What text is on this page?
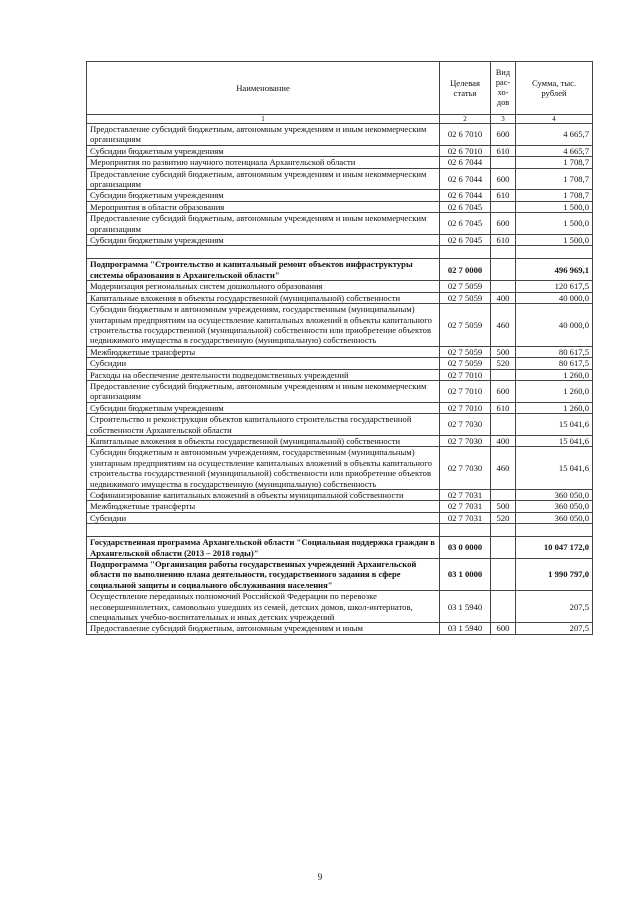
Наименование	Целевая статья	Вид рас-хо-дов	Сумма, тыс. рублей
1	2	3	4
Предоставление субсидий бюджетным, автономным учреждениям и иным некоммерческим организациям	02 6 7010	600	4 665,7
Субсидии бюджетным учреждениям	02 6 7010	610	4 665,7
Мероприятия по развитию научного потенциала Архангельской области	02 6 7044		1 708,7
Предоставление субсидий бюджетным, автономным учреждениям и иным некоммерческим организациям	02 6 7044	600	1 708,7
Субсидии бюджетным учреждениям	02 6 7044	610	1 708,7
Мероприятия в области образования	02 6 7045		1 500,0
Предоставление субсидий бюджетным, автономным учреждениям и иным некоммерческим организациям	02 6 7045	600	1 500,0
Субсидии бюджетным учреждениям	02 6 7045	610	1 500,0

Подпрограмма "Строительство и капитальный ремонт объектов инфраструктуры системы образования в Архангельской области"	02 7 0000		496 969,1
Модернизация региональных систем дошкольного образования	02 7 5059		120 617,5
Капитальные вложения в объекты государственной (муниципальной) собственности	02 7 5059	400	40 000,0
Субсидии бюджетным и автономным учреждениям, государственным (муниципальным) унитарным предприятиям на осуществление капитальных вложений в объекты капитального строительства государственной (муниципальной) собственности или приобретение объектов недвижимого имущества в государственную (муниципальную) собственность	02 7 5059	460	40 000,0
Межбюджетные трансферты	02 7 5059	500	80 617,5
Субсидии	02 7 5059	520	80 617,5
Расходы на обеспечение деятельности подведомственных учреждений	02 7 7010		1 260,0
Предоставление субсидий бюджетным, автономным учреждениям и иным некоммерческим организациям	02 7 7010	600	1 260,0
Субсидии бюджетным учреждениям	02 7 7010	610	1 260,0
Строительство и реконструкция объектов капитального строительства государственной собственности Архангельской области	02 7 7030		15 041,6
Капитальные вложения в объекты государственной (муниципальной) собственности	02 7 7030	400	15 041,6
Субсидии бюджетным и автономным учреждениям, государственным (муниципальным) унитарным предприятиям на осуществление капитальных вложений в объекты капитального строительства государственной (муниципальной) собственности или приобретение объектов недвижимого имущества в государственную (муниципальную) собственность	02 7 7030	460	15 041,6
Софинансирование капитальных вложений в объекты муниципальной собственности	02 7 7031		360 050,0
Межбюджетные трансферты	02 7 7031	500	360 050,0
Субсидии	02 7 7031	520	360 050,0

Государственная программа Архангельской области "Социальная поддержка граждан в Архангельской области (2013 – 2018 годы)"	03 0 0000		10 047 172,0
Подпрограмма "Организация работы государственных учреждений Архангельской области по выполнению плана деятельности, государственного задания в сфере социальной защиты и социального обслуживания населения"	03 1 0000		1 990 797,0
Осуществление переданных полномочий Российской Федерации по перевозке несовершеннолетних, самовольно ушедших из семей, детских домов, школ-интернатов, специальных учебно-воспитательных и иных детских учреждений	03 1 5940		207,5
Предоставление субсидий бюджетным, автономным учреждениям и иным	03 1 5940	600	207,5
9
